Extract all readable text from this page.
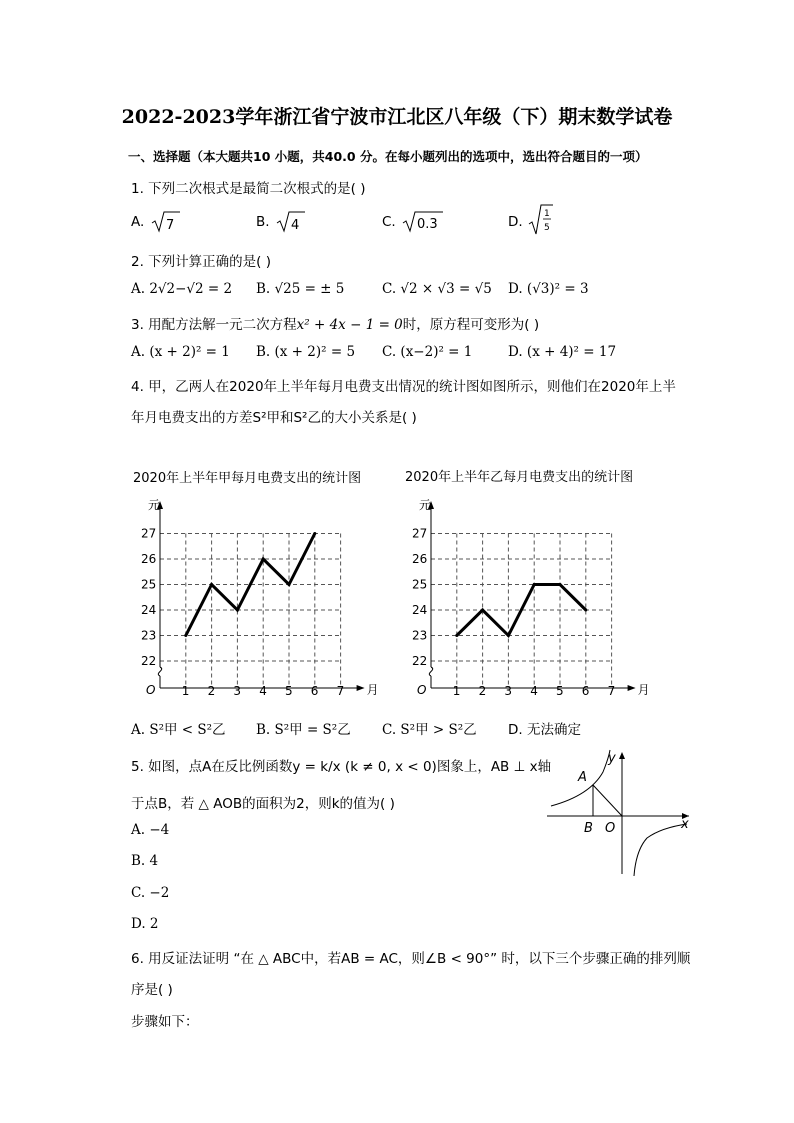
2022-2023学年浙江省宁波市江北区八年级（下）期末数学试卷
一、选择题（本大题共10 小题，共40.0 分。在每小题列出的选项中，选出符合题目的一项）
1. 下列二次根式是最简二次根式的是( )
A. 7	B. 4	C. 0.3	D. 1
5
2. 下列计算正确的是( )
A. 2√2−√2 = 2 B. √25 = ± 5	C. √2 × √3 = √5 D. (√3)² = 3
3. 用配方法解一元二次方程x² + 4x − 1 = 0时，原方程可变形为( )
A. (x + 2)² = 1 B. (x + 2)² = 5 C. (x−2)² = 1	D. (x + 4)² = 17
4. 甲，乙两人在2020年上半年每月电费支出情况的统计图如图所示，则他们在2020年上半
年月电费支出的方差S²甲和S²乙的大小关系是( )
2020年上半年甲每月电费支出的统计图	2020年上半年乙每月电费支出的统计图
元
月
O 1 2 3 4 5 6 7
22
23
24
25
26
27
元
月
O 1 2 3 4 5 6 7
22
23
24
25
26
27
A. S²甲 < S²乙 B. S²甲 = S²乙 C. S²甲 > S²乙 D. 无法确定
5. 如图，点A在反比例函数y = k/x (k ≠ 0, x < 0)图象上，AB ⊥ x轴
于点B，若 △ AOB的面积为2，则k的值为( )
A. −4
B. 4
C. −2
D. 2
A
B O	x
y
6. 用反证法证明 “在 △ ABC中，若AB = AC，则∠B < 90°” 时，以下三个步骤正确的排列顺
序是( )
步骤如下：
